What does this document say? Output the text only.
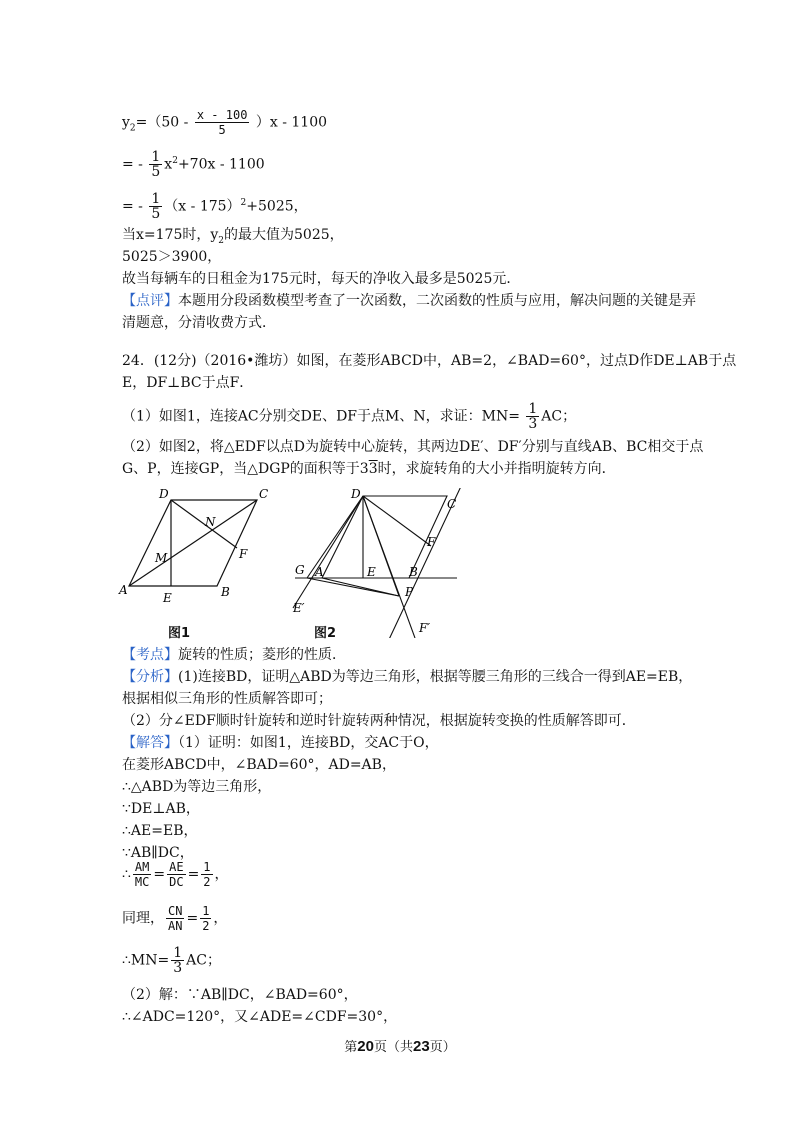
$y_2=(50 - \frac{x - 100}{5} )x - 1100$
= - $\frac{1}{5} x^2+70x - 1100$
= - $\frac{1}{5} (x - 175)^2+5025$，
当x=175时，$y_2$的最大值为5025，
5025＞3900，
故当每辆车的日租金为175元时，每天的净收入最多是5025元．
【点评】本题用分段函数模型考查了一次函数，二次函数的性质与应用，解决问题的关键是弄
清题意，分清收费方式．
24．(12分)（2016•潍坊）如图，在菱形ABCD中，AB=2，∠BAD=60°，过点D作DE⊥AB于点
E，DF⊥BC于点F．
（1）如图1，连接AC分别交DE、DF于点M、N，求证：$MN= \frac{1}{3}$ AC；
（2）如图2，将△EDF以点D为旋转中心旋转，其两边DE′、DF′分别与直线AB、BC相交于点
G、P，连接GP，当△DGP的面积等于33时，求旋转角的大小并指明旋转方向．
D	C
N
M	F
A
E	B
图1
D
C
F
G A	E	B
P
E′
F′
图2
【考点】旋转的性质；菱形的性质．
【分析】(1)连接BD，证明△ABD为等边三角形，根据等腰三角形的三线合一得到AE=EB，
根据相似三角形的性质解答即可；
（2）分∠EDF顺时针旋转和逆时针旋转两种情况，根据旋转变换的性质解答即可．
【解答】（1）证明：如图1，连接BD，交AC于O，
在菱形ABCD中，∠BAD=60°，AD=AB，
∴△ABD为等边三角形，
∵DE⊥AB，
∴AE=EB，
∵AB∥DC，
∴ $\frac{AM}{MC} = \frac{AE}{DC} = \frac{1}{2}$ ，
同理， $\frac{CN}{AN} = \frac{1}{2}$ ，
∴MN= $\frac{1}{3}$ AC；
（2）解：∵AB∥DC，∠BAD=60°，
∴∠ADC=120°，又∠ADE=∠CDF=30°，
第20页（共23页）
